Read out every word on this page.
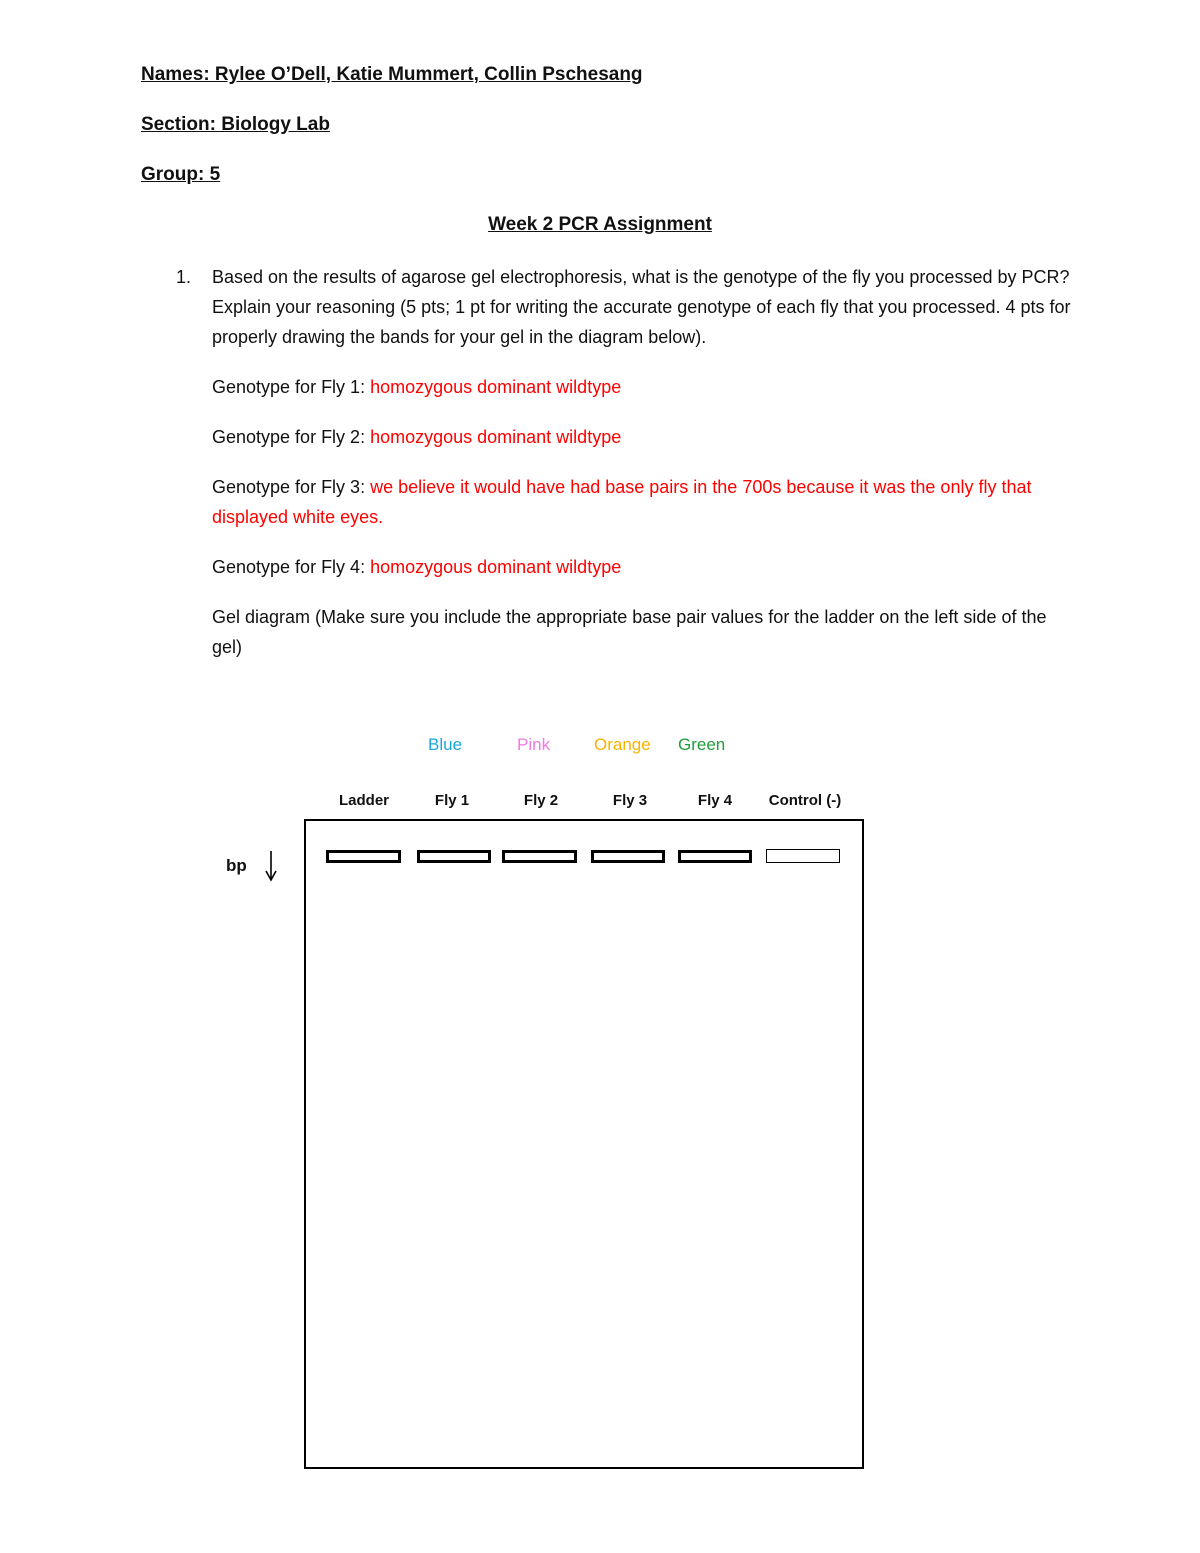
Names: Rylee O’Dell, Katie Mummert, Collin Pschesang
Section: Biology Lab
Group: 5
Week 2 PCR Assignment
1. Based on the results of agarose gel electrophoresis, what is the genotype of the fly you processed by PCR? Explain your reasoning (5 pts; 1 pt for writing the accurate genotype of each fly that you processed. 4 pts for properly drawing the bands for your gel in the diagram below).
Genotype for Fly 1: homozygous dominant wildtype
Genotype for Fly 2: homozygous dominant wildtype
Genotype for Fly 3: we believe it would have had base pairs in the 700s because it was the only fly that displayed white eyes.
Genotype for Fly 4: homozygous dominant wildtype
Gel diagram (Make sure you include the appropriate base pair values for the ladder on the left side of the gel)
Blue	Pink	Orange Green
Ladder	Fly 1	Fly 2	Fly 3	Fly 4	Control (-)
bp
